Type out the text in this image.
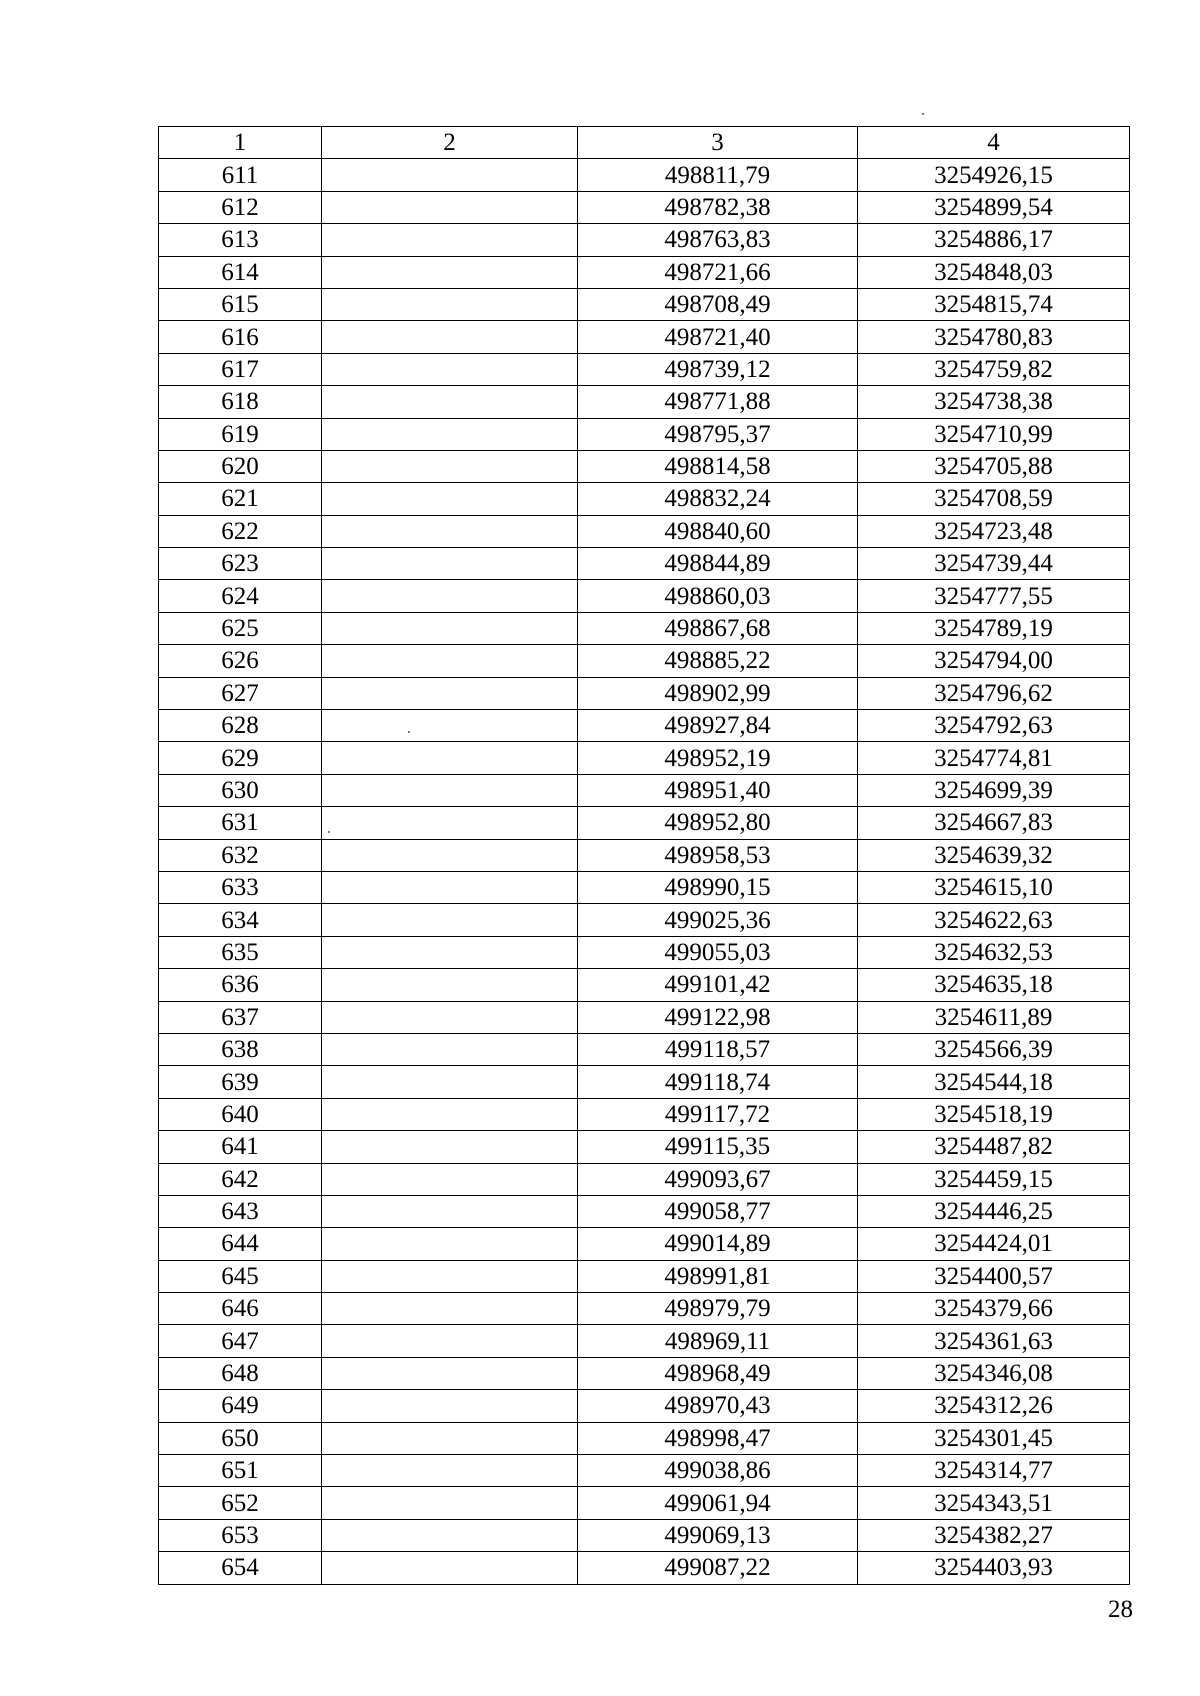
1	2	3	4
611		498811,79	3254926,15
612		498782,38	3254899,54
613		498763,83	3254886,17
614		498721,66	3254848,03
615		498708,49	3254815,74
616		498721,40	3254780,83
617		498739,12	3254759,82
618		498771,88	3254738,38
619		498795,37	3254710,99
620		498814,58	3254705,88
621		498832,24	3254708,59
622		498840,60	3254723,48
623		498844,89	3254739,44
624		498860,03	3254777,55
625		498867,68	3254789,19
626		498885,22	3254794,00
627		498902,99	3254796,62
628		498927,84	3254792,63
629		498952,19	3254774,81
630		498951,40	3254699,39
631		498952,80	3254667,83
632		498958,53	3254639,32
633		498990,15	3254615,10
634		499025,36	3254622,63
635		499055,03	3254632,53
636		499101,42	3254635,18
637		499122,98	3254611,89
638		499118,57	3254566,39
639		499118,74	3254544,18
640		499117,72	3254518,19
641		499115,35	3254487,82
642		499093,67	3254459,15
643		499058,77	3254446,25
644		499014,89	3254424,01
645		498991,81	3254400,57
646		498979,79	3254379,66
647		498969,11	3254361,63
648		498968,49	3254346,08
649		498970,43	3254312,26
650		498998,47	3254301,45
651		499038,86	3254314,77
652		499061,94	3254343,51
653		499069,13	3254382,27
654		499087,22	3254403,93
28
